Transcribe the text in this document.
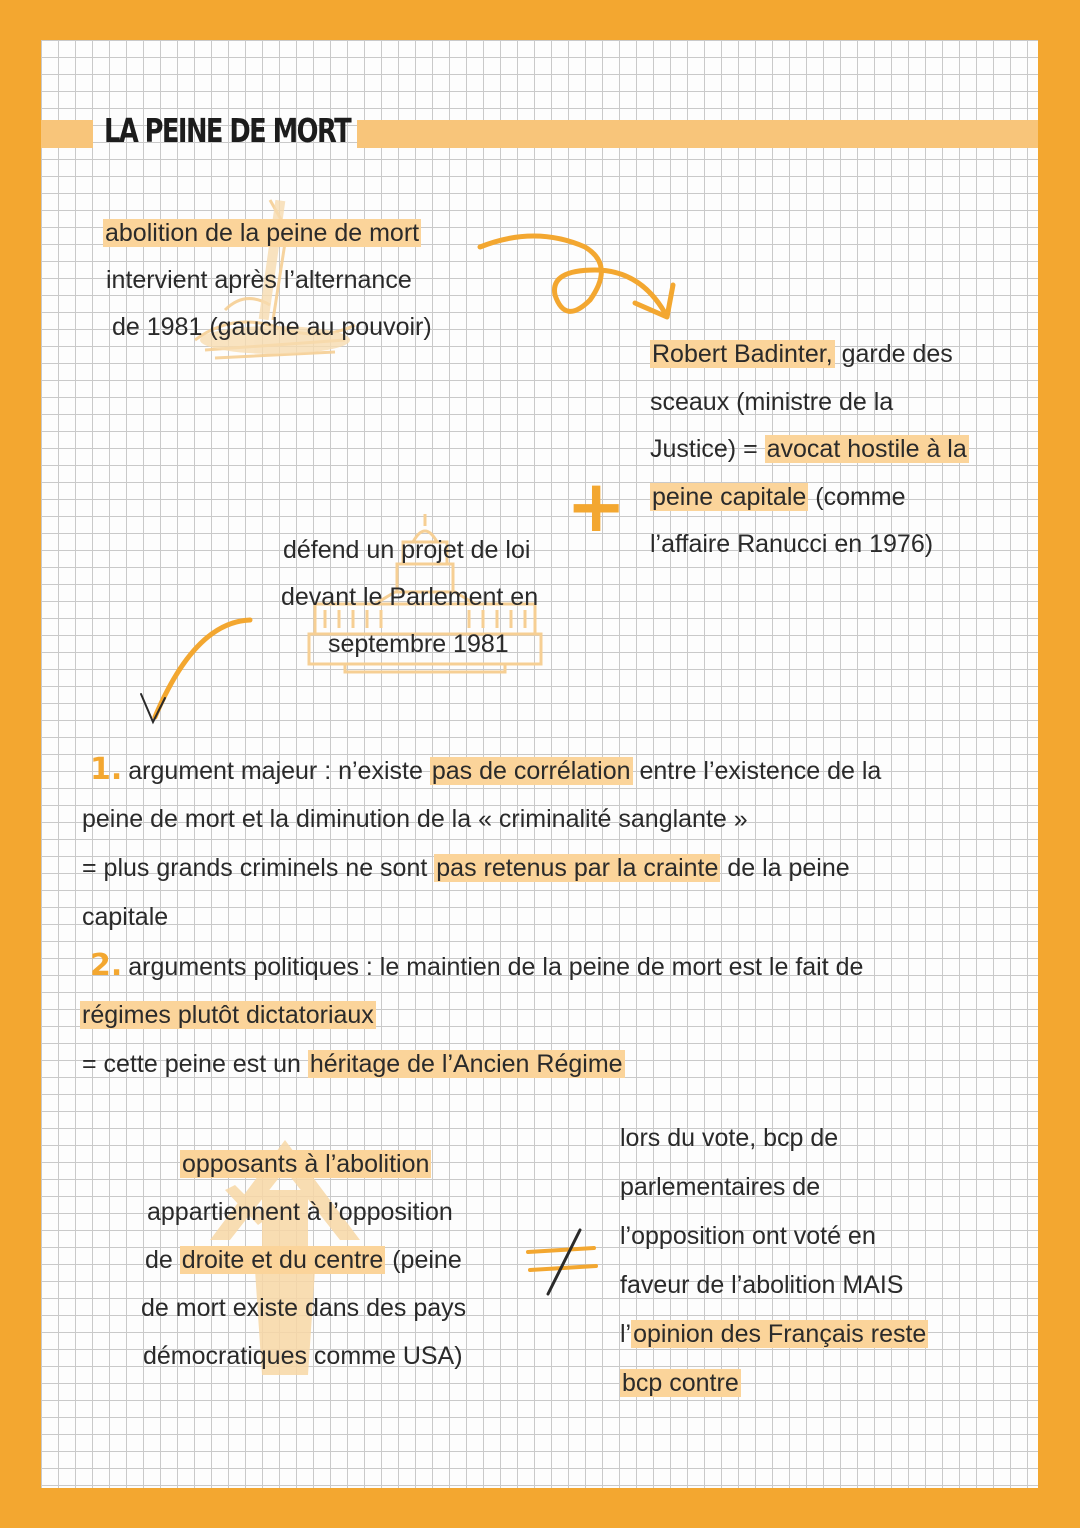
LA PEINE DE MORT
abolition de la peine de mort
intervient après l’alternance
de 1981 (gauche au pouvoir)
Robert Badinter, garde des
sceaux (ministre de la
Justice) = avocat hostile à la
peine capitale (comme
l’affaire Ranucci en 1976)
+
défend un projet de loi
devant le Parlement en
septembre 1981
1. argument majeur : n’existe pas de corrélation entre l’existence de la
peine de mort et la diminution de la « criminalité sanglante »
= plus grands criminels ne sont pas retenus par la crainte de la peine
capitale
2. arguments politiques : le maintien de la peine de mort est le fait de
régimes plutôt dictatoriaux
= cette peine est un héritage de l’Ancien Régime
opposants à l’abolition
appartiennent à l’opposition
de droite et du centre (peine
de mort existe dans des pays
démocratiques comme USA)
lors du vote, bcp de
parlementaires de
l’opposition ont voté en
faveur de l’abolition MAIS
l’opinion des Français reste
bcp contre
